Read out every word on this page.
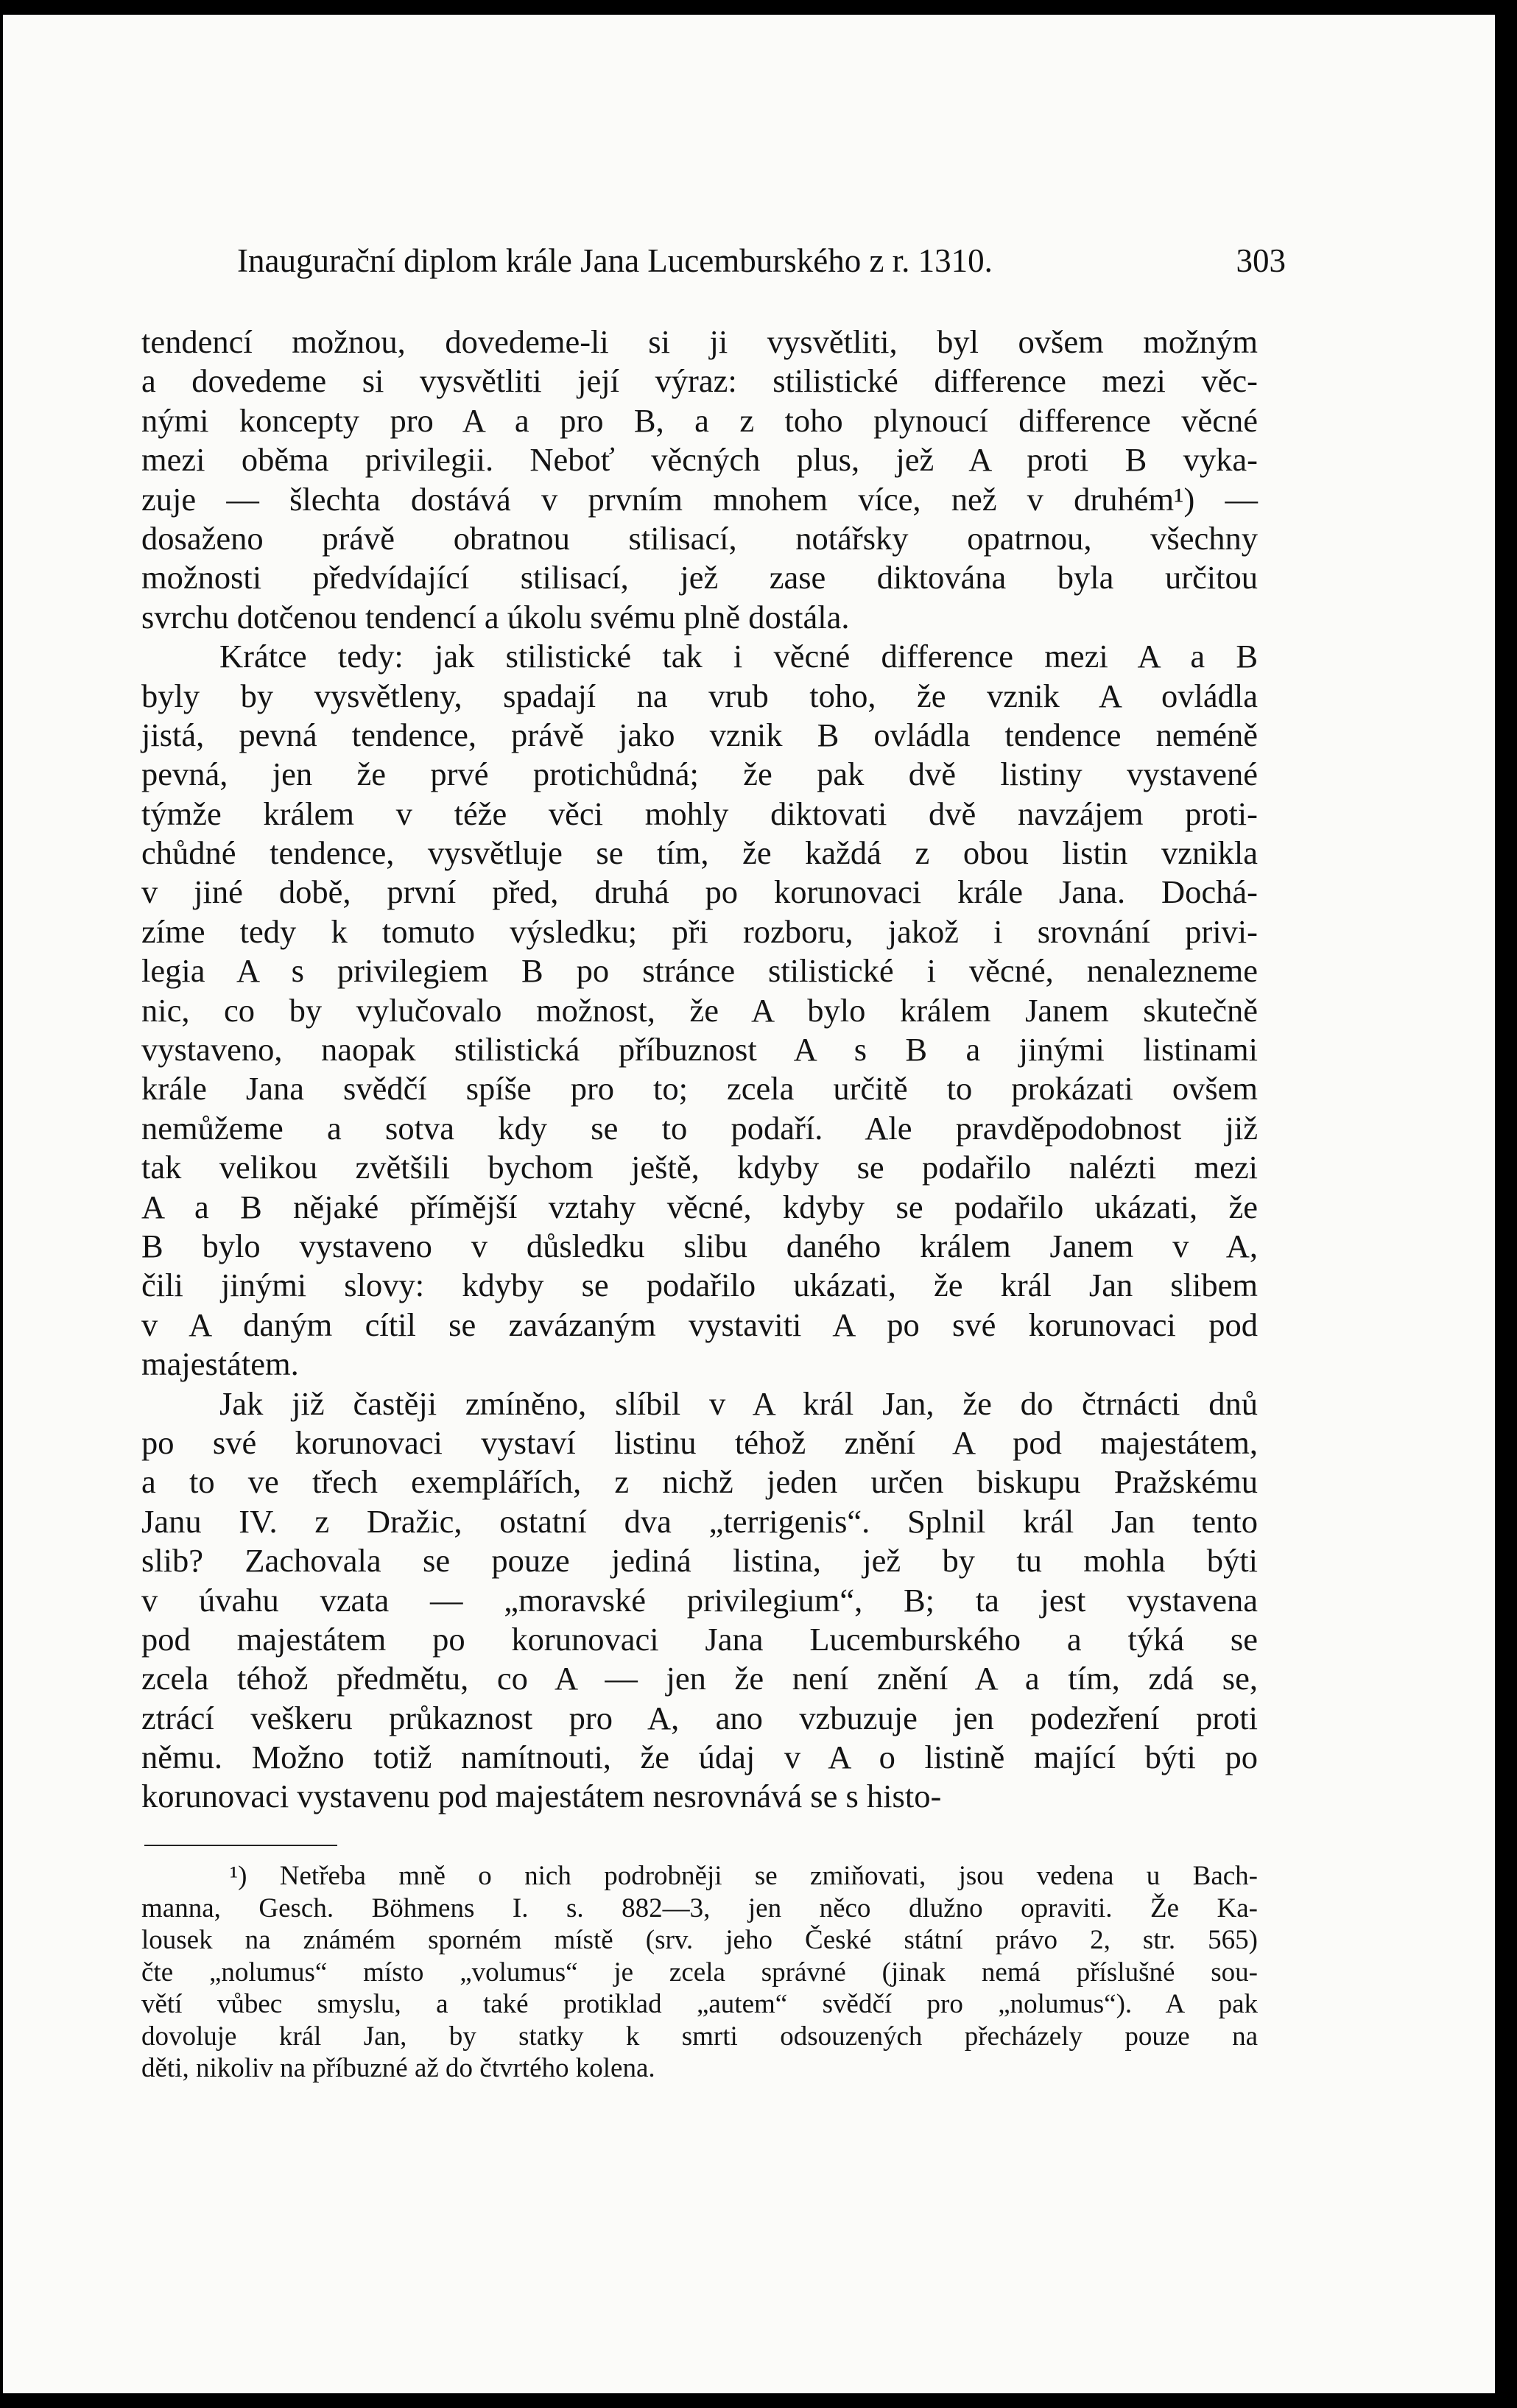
Inaugurační diplom krále Jana Lucemburského z r. 1310.	303
tendencí možnou, dovedeme-li si ji vysvětliti, byl ovšem možným
a dovedeme si vysvětliti její výraz: stilistické difference mezi věc-
nými koncepty pro A a pro B, a z toho plynoucí difference věcné
mezi oběma privilegii. Neboť věcných plus, jež A proti B vyka-
zuje — šlechta dostává v prvním mnohem více, než v druhém¹) —
dosaženo právě obratnou stilisací, notářsky opatrnou, všechny
možnosti předvídající stilisací, jež zase diktována byla určitou
svrchu dotčenou tendencí a úkolu svému plně dostála.
Krátce tedy: jak stilistické tak i věcné difference mezi A a B
byly by vysvětleny, spadají na vrub toho, že vznik A ovládla
jistá, pevná tendence, právě jako vznik B ovládla tendence neméně
pevná, jen že prvé protichůdná; že pak dvě listiny vystavené
týmže králem v téže věci mohly diktovati dvě navzájem proti-
chůdné tendence, vysvětluje se tím, že každá z obou listin vznikla
v jiné době, první před, druhá po korunovaci krále Jana. Dochá-
zíme tedy k tomuto výsledku; při rozboru, jakož i srovnání privi-
legia A s privilegiem B po stránce stilistické i věcné, nenalezneme
nic, co by vylučovalo možnost, že A bylo králem Janem skutečně
vystaveno, naopak stilistická příbuznost A s B a jinými listinami
krále Jana svědčí spíše pro to; zcela určitě to prokázati ovšem
nemůžeme a sotva kdy se to podaří. Ale pravděpodobnost již
tak velikou zvětšili bychom ještě, kdyby se podařilo nalézti mezi
A a B nějaké přímější vztahy věcné, kdyby se podařilo ukázati, že
B bylo vystaveno v důsledku slibu daného králem Janem v A,
čili jinými slovy: kdyby se podařilo ukázati, že král Jan slibem
v A daným cítil se zavázaným vystaviti A po své korunovaci pod
majestátem.
Jak již častěji zmíněno, slíbil v A král Jan, že do čtrnácti dnů
po své korunovaci vystaví listinu téhož znění A pod majestátem,
a to ve třech exemplářích, z nichž jeden určen biskupu Pražskému
Janu IV. z Dražic, ostatní dva „terrigenis“. Splnil král Jan tento
slib? Zachovala se pouze jediná listina, jež by tu mohla býti
v úvahu vzata — „moravské privilegium“, B; ta jest vystavena
pod majestátem po korunovaci Jana Lucemburského a týká se
zcela téhož předmětu, co A — jen že není znění A a tím, zdá se,
ztrácí veškeru průkaznost pro A, ano vzbuzuje jen podezření proti
němu. Možno totiž namítnouti, že údaj v A o listině mající býti po
korunovaci vystavenu pod majestátem nesrovnává se s histo-
¹) Netřeba mně o nich podrobněji se zmiňovati, jsou vedena u Bach-
manna, Gesch. Böhmens I. s. 882—3, jen něco dlužno opraviti. Že Ka-
lousek na známém sporném místě (srv. jeho České státní právo 2, str. 565)
čte „nolumus“ místo „volumus“ je zcela správné (jinak nemá příslušné sou-
větí vůbec smyslu, a také protiklad „autem“ svědčí pro „nolumus“). A pak
dovoluje král Jan, by statky k smrti odsouzených přecházely pouze na
děti, nikoliv na příbuzné až do čtvrtého kolena.
